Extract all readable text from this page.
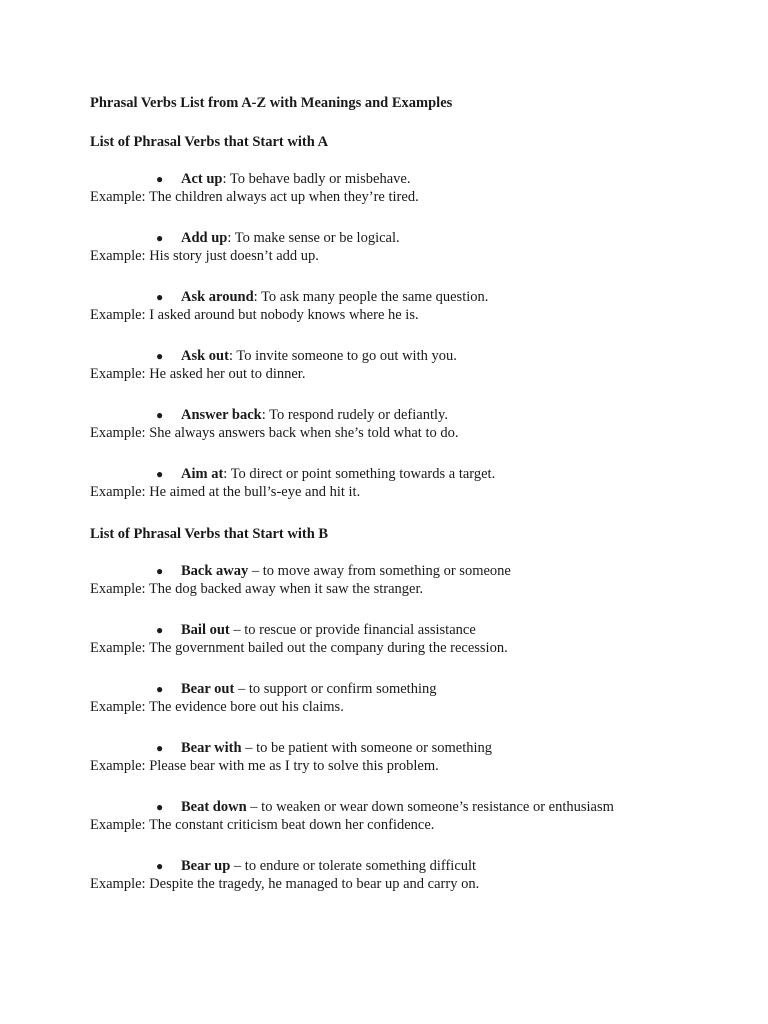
Phrasal Verbs List from A-Z with Meanings and Examples
List of Phrasal Verbs that Start with A
● Act up: To behave badly or misbehave.
Example: The children always act up when they’re tired.
● Add up: To make sense or be logical.
Example: His story just doesn’t add up.
● Ask around: To ask many people the same question.
Example: I asked around but nobody knows where he is.
● Ask out: To invite someone to go out with you.
Example: He asked her out to dinner.
● Answer back: To respond rudely or defiantly.
Example: She always answers back when she’s told what to do.
● Aim at: To direct or point something towards a target.
Example: He aimed at the bull’s-eye and hit it.
List of Phrasal Verbs that Start with B
● Back away – to move away from something or someone
Example: The dog backed away when it saw the stranger.
● Bail out – to rescue or provide financial assistance
Example: The government bailed out the company during the recession.
● Bear out – to support or confirm something
Example: The evidence bore out his claims.
● Bear with – to be patient with someone or something
Example: Please bear with me as I try to solve this problem.
● Beat down – to weaken or wear down someone’s resistance or enthusiasm
Example: The constant criticism beat down her confidence.
● Bear up – to endure or tolerate something difficult
Example: Despite the tragedy, he managed to bear up and carry on.
